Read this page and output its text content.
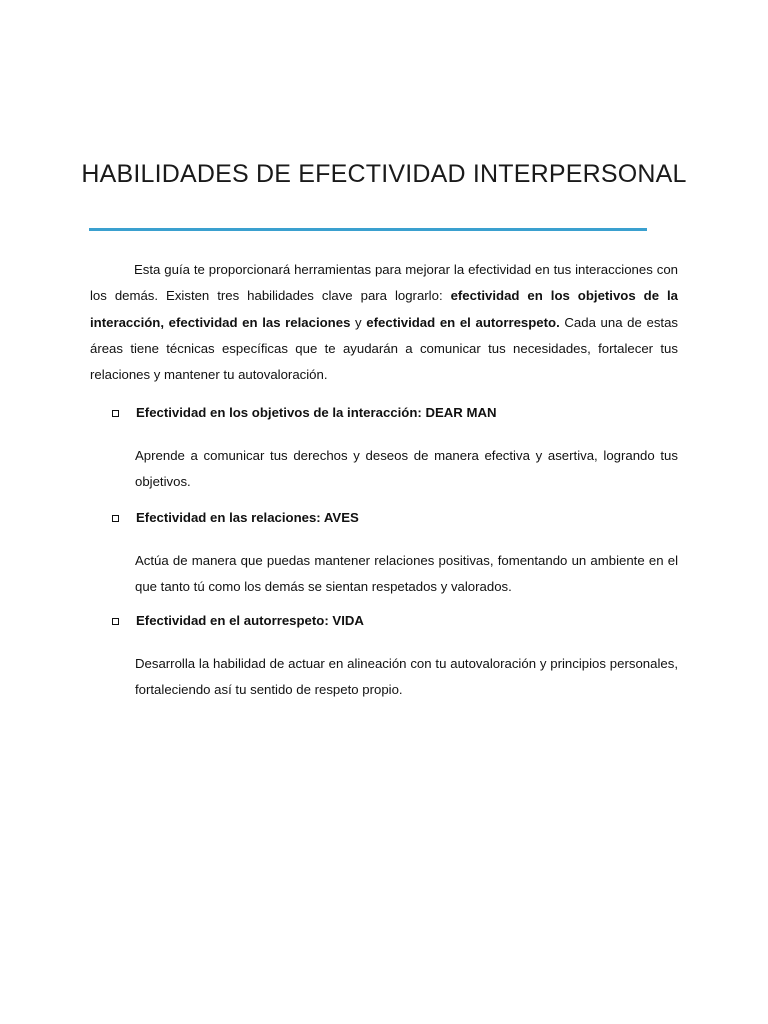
HABILIDADES DE EFECTIVIDAD INTERPERSONAL

Esta guía te proporcionará herramientas para mejorar la efectividad en tus interacciones con los demás. Existen tres habilidades clave para lograrlo: efectividad en los objetivos de la interacción, efectividad en las relaciones y efectividad en el autorrespeto. Cada una de estas áreas tiene técnicas específicas que te ayudarán a comunicar tus necesidades, fortalecer tus relaciones y mantener tu autovaloración.

Efectividad en los objetivos de la interacción: DEAR MAN

Aprende a comunicar tus derechos y deseos de manera efectiva y asertiva, logrando tus objetivos.

Efectividad en las relaciones: AVES

Actúa de manera que puedas mantener relaciones positivas, fomentando un ambiente en el que tanto tú como los demás se sientan respetados y valorados.

Efectividad en el autorrespeto: VIDA

Desarrolla la habilidad de actuar en alineación con tu autovaloración y principios personales, fortaleciendo así tu sentido de respeto propio.
